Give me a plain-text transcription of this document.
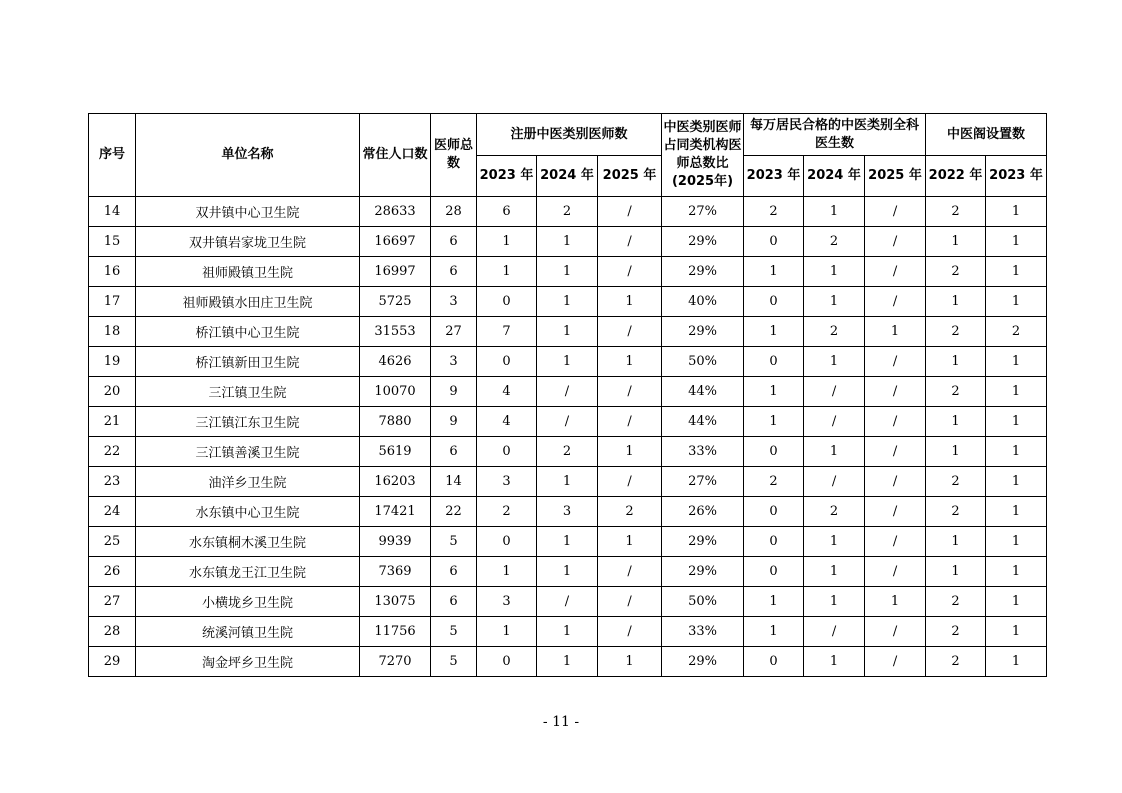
序号	单位名称	常住人口数	医师总数	注册中医类别医师数			中医类别医师占同类机构医师总数比(2025年)	每万居民合格的中医类别全科医生数			中医阁设置数	
				2023 年	2024 年	2025 年		2023 年	2024 年	2025 年	2022 年	2023 年
14	双井镇中心卫生院	28633	28	6	2	/	27%	2	1	/	2	1
15	双井镇岩家垅卫生院	16697	6	1	1	/	29%	0	2	/	1	1
16	祖师殿镇卫生院	16997	6	1	1	/	29%	1	1	/	2	1
17	祖师殿镇水田庄卫生院	5725	3	0	1	1	40%	0	1	/	1	1
18	桥江镇中心卫生院	31553	27	7	1	/	29%	1	2	1	2	2
19	桥江镇新田卫生院	4626	3	0	1	1	50%	0	1	/	1	1
20	三江镇卫生院	10070	9	4	/	/	44%	1	/	/	2	1
21	三江镇江东卫生院	7880	9	4	/	/	44%	1	/	/	1	1
22	三江镇善溪卫生院	5619	6	0	2	1	33%	0	1	/	1	1
23	油洋乡卫生院	16203	14	3	1	/	27%	2	/	/	2	1
24	水东镇中心卫生院	17421	22	2	3	2	26%	0	2	/	2	1
25	水东镇桐木溪卫生院	9939	5	0	1	1	29%	0	1	/	1	1
26	水东镇龙王江卫生院	7369	6	1	1	/	29%	0	1	/	1	1
27	小横垅乡卫生院	13075	6	3	/	/	50%	1	1	1	2	1
28	统溪河镇卫生院	11756	5	1	1	/	33%	1	/	/	2	1
29	淘金坪乡卫生院	7270	5	0	1	1	29%	0	1	/	2	1
- 11 -
